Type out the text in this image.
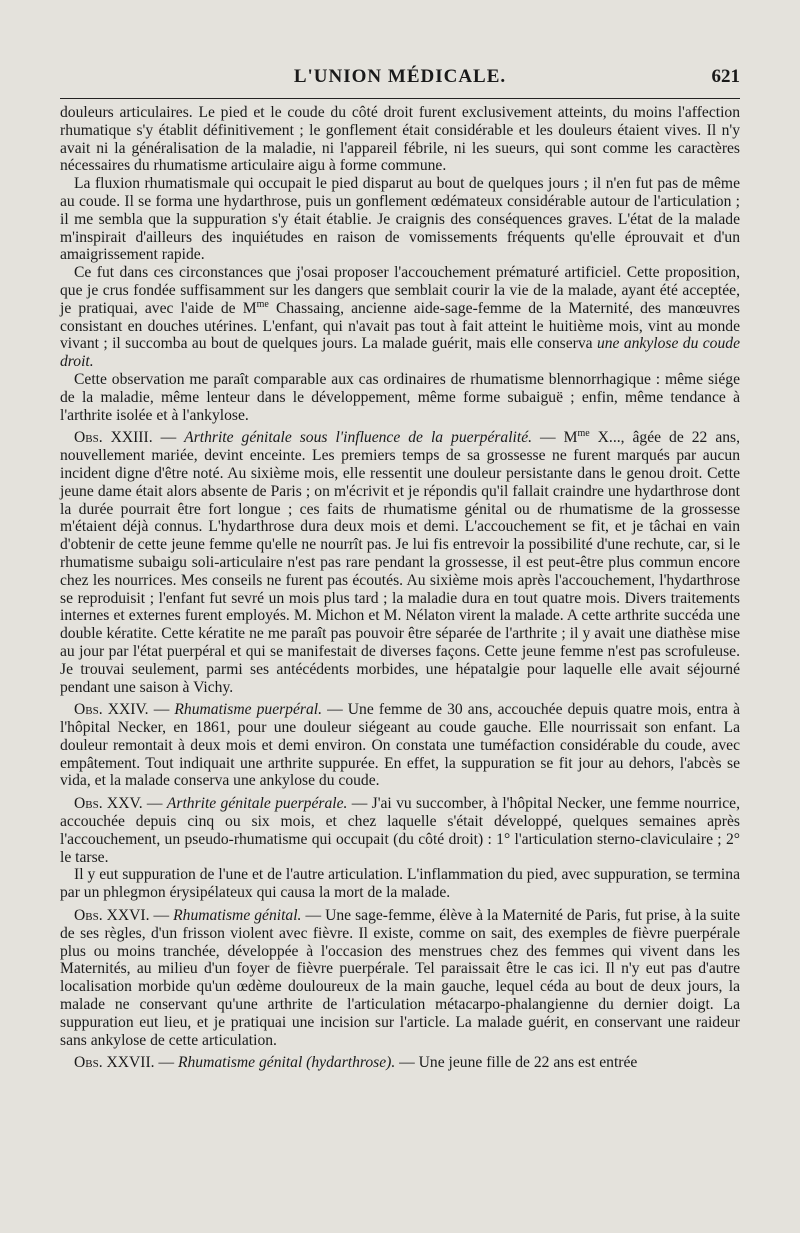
L'UNION MÉDICALE.	621

douleurs articulaires. Le pied et le coude du côté droit furent exclusivement atteints, du moins l'affection rhumatique s'y établit définitivement ; le gonflement était considérable et les douleurs étaient vives. Il n'y avait ni la généralisation de la maladie, ni l'appareil fébrile, ni les sueurs, qui sont comme les caractères nécessaires du rhumatisme articulaire aigu à forme commune.

La fluxion rhumatismale qui occupait le pied disparut au bout de quelques jours ; il n'en fut pas de même au coude. Il se forma une hydarthrose, puis un gonflement œdémateux considérable autour de l'articulation ; il me sembla que la suppuration s'y était établie. Je craignis des conséquences graves. L'état de la malade m'inspirait d'ailleurs des inquiétudes en raison de vomissements fréquents qu'elle éprouvait et d'un amaigrissement rapide.

Ce fut dans ces circonstances que j'osai proposer l'accouchement prématuré artificiel. Cette proposition, que je crus fondée suffisamment sur les dangers que semblait courir la vie de la malade, ayant été acceptée, je pratiquai, avec l'aide de $M^{me}$ Chassaing, ancienne aide-sage-femme de la Maternité, des manœuvres consistant en douches utérines. L'enfant, qui n'avait pas tout à fait atteint le huitième mois, vint au monde vivant ; il succomba au bout de quelques jours. La malade guérit, mais elle conserva une ankylose du coude droit.

Cette observation me paraît comparable aux cas ordinaires de rhumatisme blennorrhagique : même siége de la maladie, même lenteur dans le développement, même forme subaiguë ; enfin, même tendance à l'arthrite isolée et à l'ankylose.

Obs. XXIII. — Arthrite génitale sous l'influence de la puerpéralité. — $M^{me}$ X..., âgée de 22 ans, nouvellement mariée, devint enceinte. Les premiers temps de sa grossesse ne furent marqués par aucun incident digne d'être noté. Au sixième mois, elle ressentit une douleur persistante dans le genou droit. Cette jeune dame était alors absente de Paris ; on m'écrivit et je répondis qu'il fallait craindre une hydarthrose dont la durée pourrait être fort longue ; ces faits de rhumatisme génital ou de rhumatisme de la grossesse m'étaient déjà connus. L'hydarthrose dura deux mois et demi. L'accouchement se fit, et je tâchai en vain d'obtenir de cette jeune femme qu'elle ne nourrît pas. Je lui fis entrevoir la possibilité d'une rechute, car, si le rhumatisme subaigu soli-articulaire n'est pas rare pendant la grossesse, il est peut-être plus commun encore chez les nourrices. Mes conseils ne furent pas écoutés. Au sixième mois après l'accouchement, l'hydarthrose se reproduisit ; l'enfant fut sevré un mois plus tard ; la maladie dura en tout quatre mois. Divers traitements internes et externes furent employés. M. Michon et M. Nélaton virent la malade. A cette arthrite succéda une double kératite. Cette kératite ne me paraît pas pouvoir être séparée de l'arthrite ; il y avait une diathèse mise au jour par l'état puerpéral et qui se manifestait de diverses façons. Cette jeune femme n'est pas scrofuleuse. Je trouvai seulement, parmi ses antécédents morbides, une hépatalgie pour laquelle elle avait séjourné pendant une saison à Vichy.

Obs. XXIV. — Rhumatisme puerpéral. — Une femme de 30 ans, accouchée depuis quatre mois, entra à l'hôpital Necker, en 1861, pour une douleur siégeant au coude gauche. Elle nourrissait son enfant. La douleur remontait à deux mois et demi environ. On constata une tuméfaction considérable du coude, avec empâtement. Tout indiquait une arthrite suppurée. En effet, la suppuration se fit jour au dehors, l'abcès se vida, et la malade conserva une ankylose du coude.

Obs. XXV. — Arthrite génitale puerpérale. — J'ai vu succomber, à l'hôpital Necker, une femme nourrice, accouchée depuis cinq ou six mois, et chez laquelle s'était développé, quelques semaines après l'accouchement, un pseudo-rhumatisme qui occupait (du côté droit) : 1° l'articulation sterno-claviculaire ; 2° le tarse.

Il y eut suppuration de l'une et de l'autre articulation. L'inflammation du pied, avec suppuration, se termina par un phlegmon érysipélateux qui causa la mort de la malade.

Obs. XXVI. — Rhumatisme génital. — Une sage-femme, élève à la Maternité de Paris, fut prise, à la suite de ses règles, d'un frisson violent avec fièvre. Il existe, comme on sait, des exemples de fièvre puerpérale plus ou moins tranchée, développée à l'occasion des menstrues chez des femmes qui vivent dans les Maternités, au milieu d'un foyer de fièvre puerpérale. Tel paraissait être le cas ici. Il n'y eut pas d'autre localisation morbide qu'un œdème douloureux de la main gauche, lequel céda au bout de deux jours, la malade ne conservant qu'une arthrite de l'articulation métacarpo-phalangienne du dernier doigt. La suppuration eut lieu, et je pratiquai une incision sur l'article. La malade guérit, en conservant une raideur sans ankylose de cette articulation.

Obs. XXVII. — Rhumatisme génital (hydarthrose). — Une jeune fille de 22 ans est entrée
